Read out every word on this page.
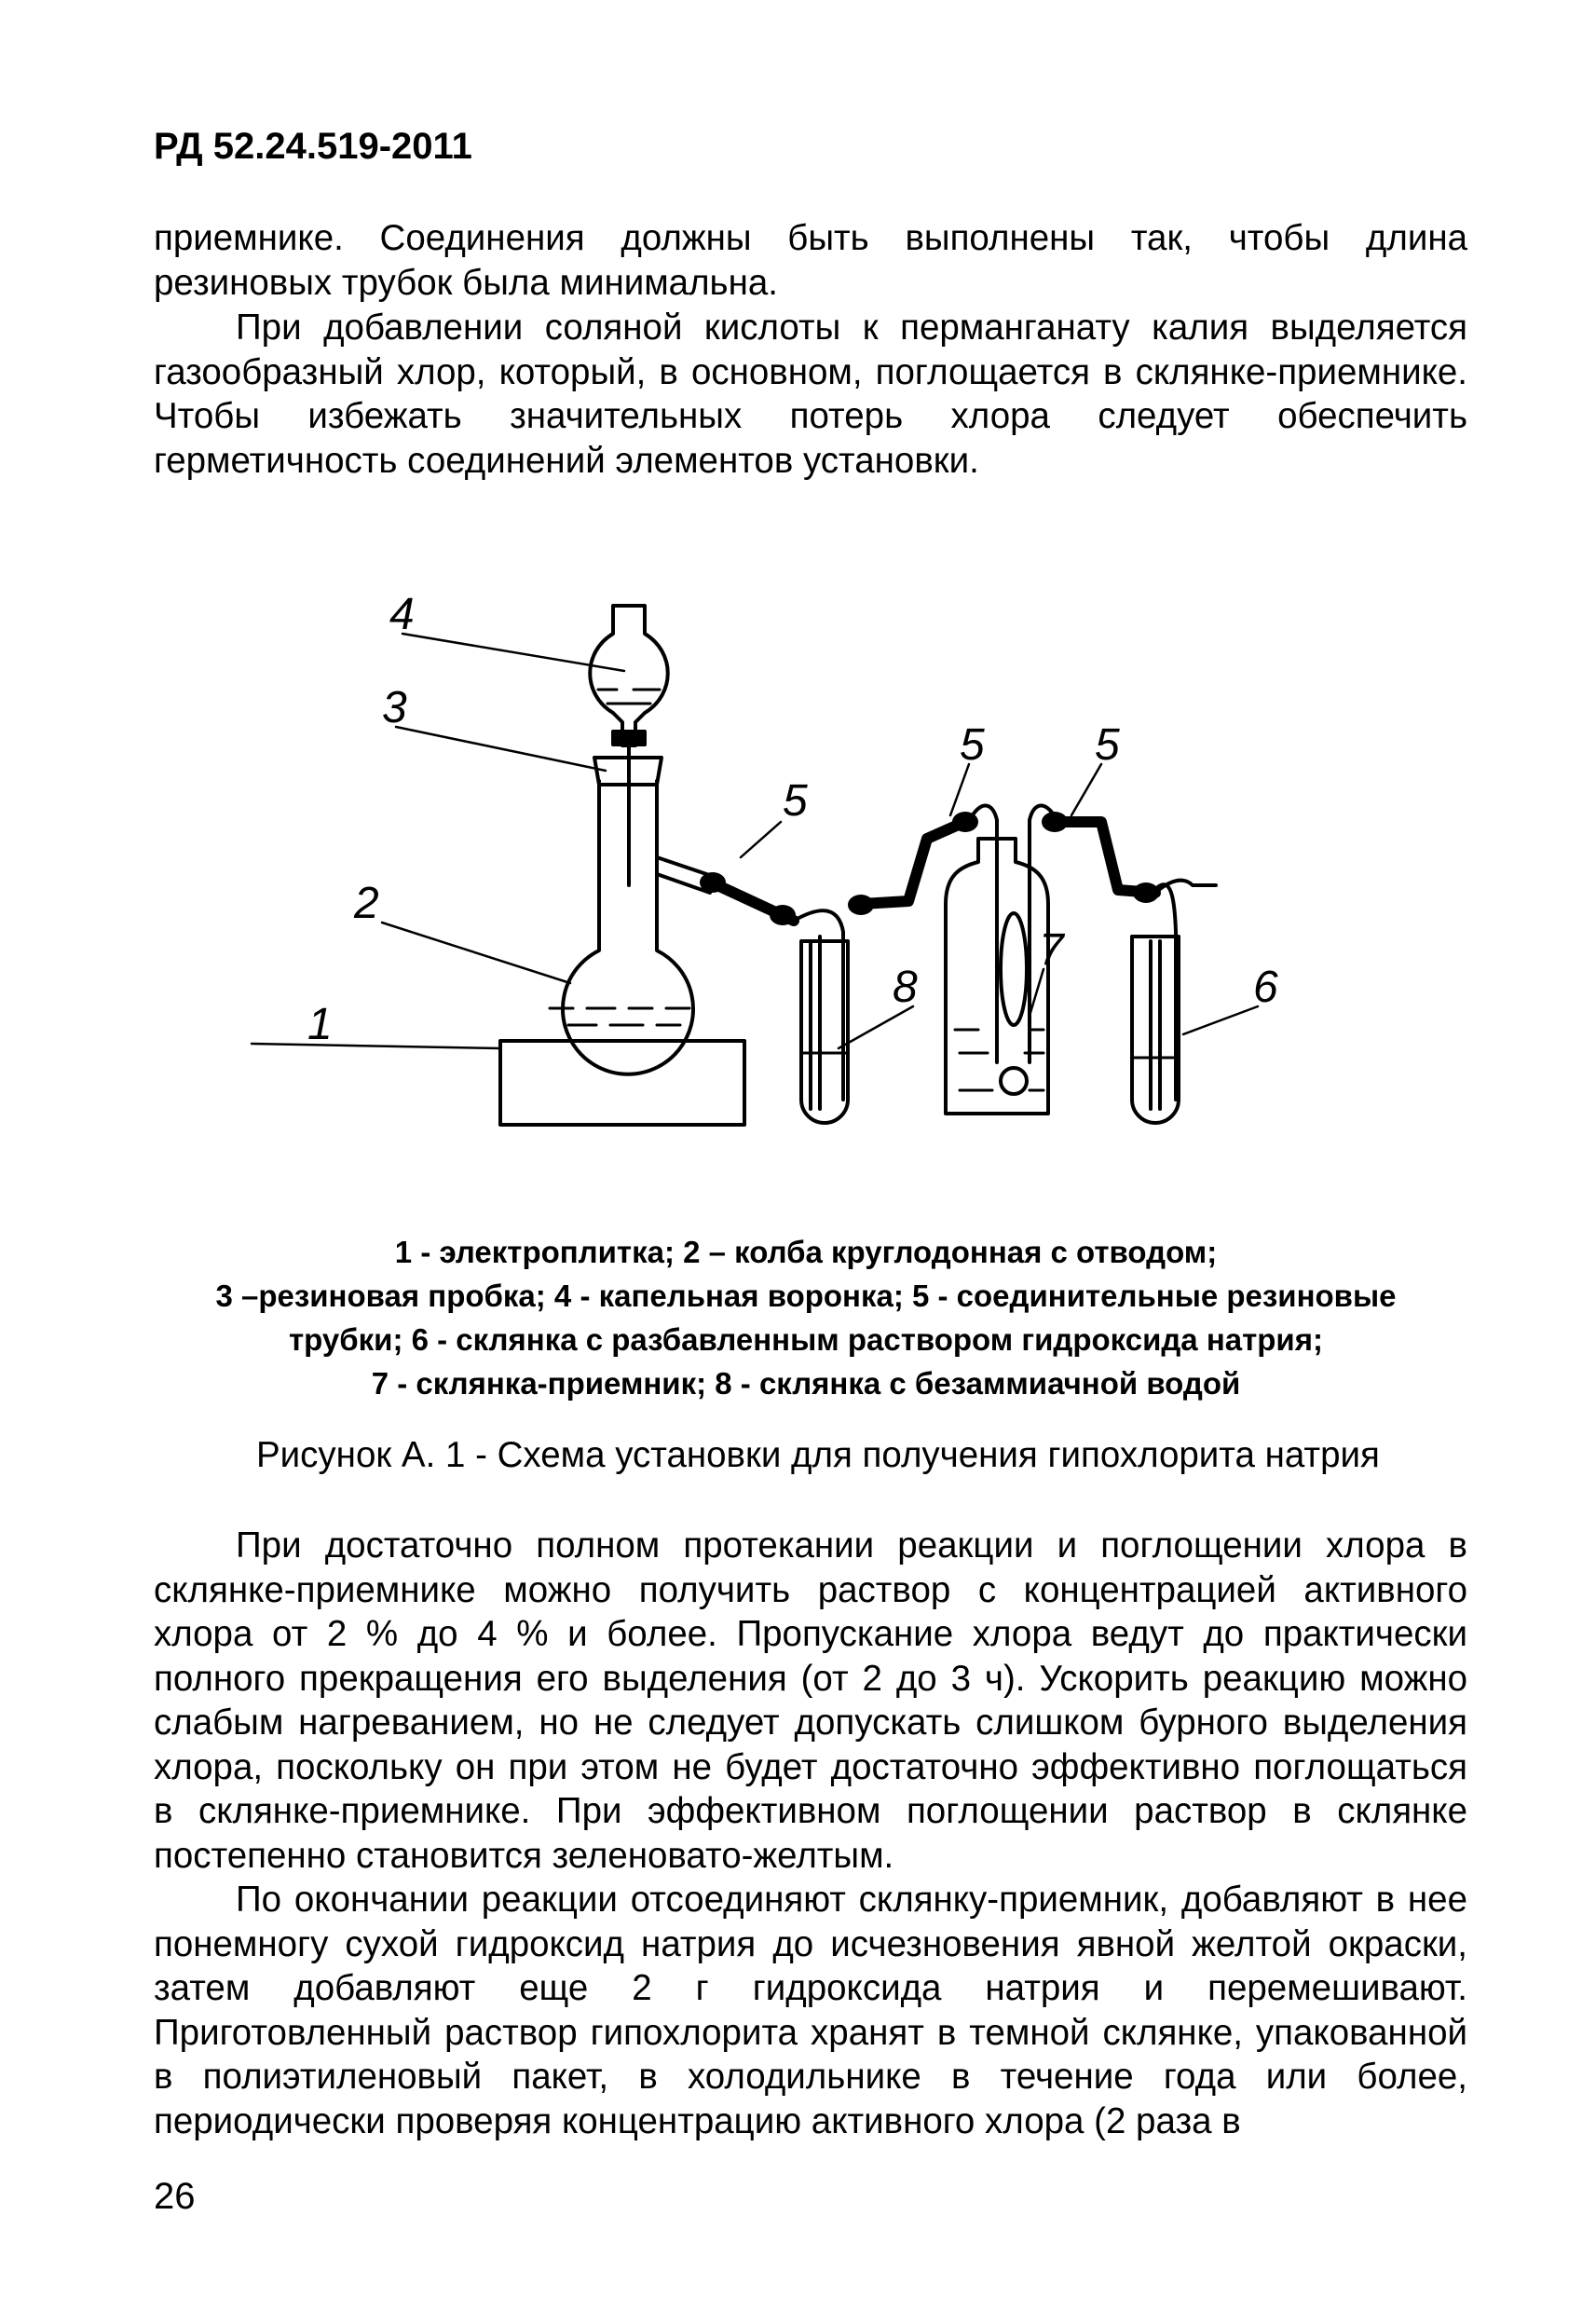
РД 52.24.519-2011
приемнике. Соединения должны быть выполнены так, чтобы длина резиновых трубок была минимальна.
При добавлении соляной кислоты к перманганату калия выделяется газообразный хлор, который, в основном, поглощается в склянке-приемнике. Чтобы избежать значительных потерь хлора следует обеспечить герметичность соединений элементов установки.
4
3
2
1
5
5 5
8
7
6
1 - электроплитка; 2 – колба круглодонная с отводом;
3 –резиновая пробка; 4 - капельная воронка; 5 - соединительные резиновые
трубки; 6 - склянка с разбавленным раствором гидроксида натрия;
7 - склянка-приемник; 8 - склянка с безаммиачной водой
Рисунок А. 1 - Схема установки для получения гипохлорита натрия
При достаточно полном протекании реакции и поглощении хлора в склянке-приемнике можно получить раствор с концентрацией активного хлора от 2 % до 4 % и более. Пропускание хлора ведут до практически полного прекращения его выделения (от 2 до 3 ч). Ускорить реакцию можно слабым нагреванием, но не следует допускать слишком бурного выделения хлора, поскольку он при этом не будет достаточно эффективно поглощаться в склянке-приемнике. При эффективном поглощении раствор в склянке постепенно становится зеленовато-желтым.
По окончании реакции отсоединяют склянку-приемник, добавляют в нее понемногу сухой гидроксид натрия до исчезновения явной желтой окраски, затем добавляют еще 2 г гидроксида натрия и перемешивают. Приготовленный раствор гипохлорита хранят в темной склянке, упакованной в полиэтиленовый пакет, в холодильнике в течение года или более, периодически проверяя концентрацию активного хлора (2 раза в
26
